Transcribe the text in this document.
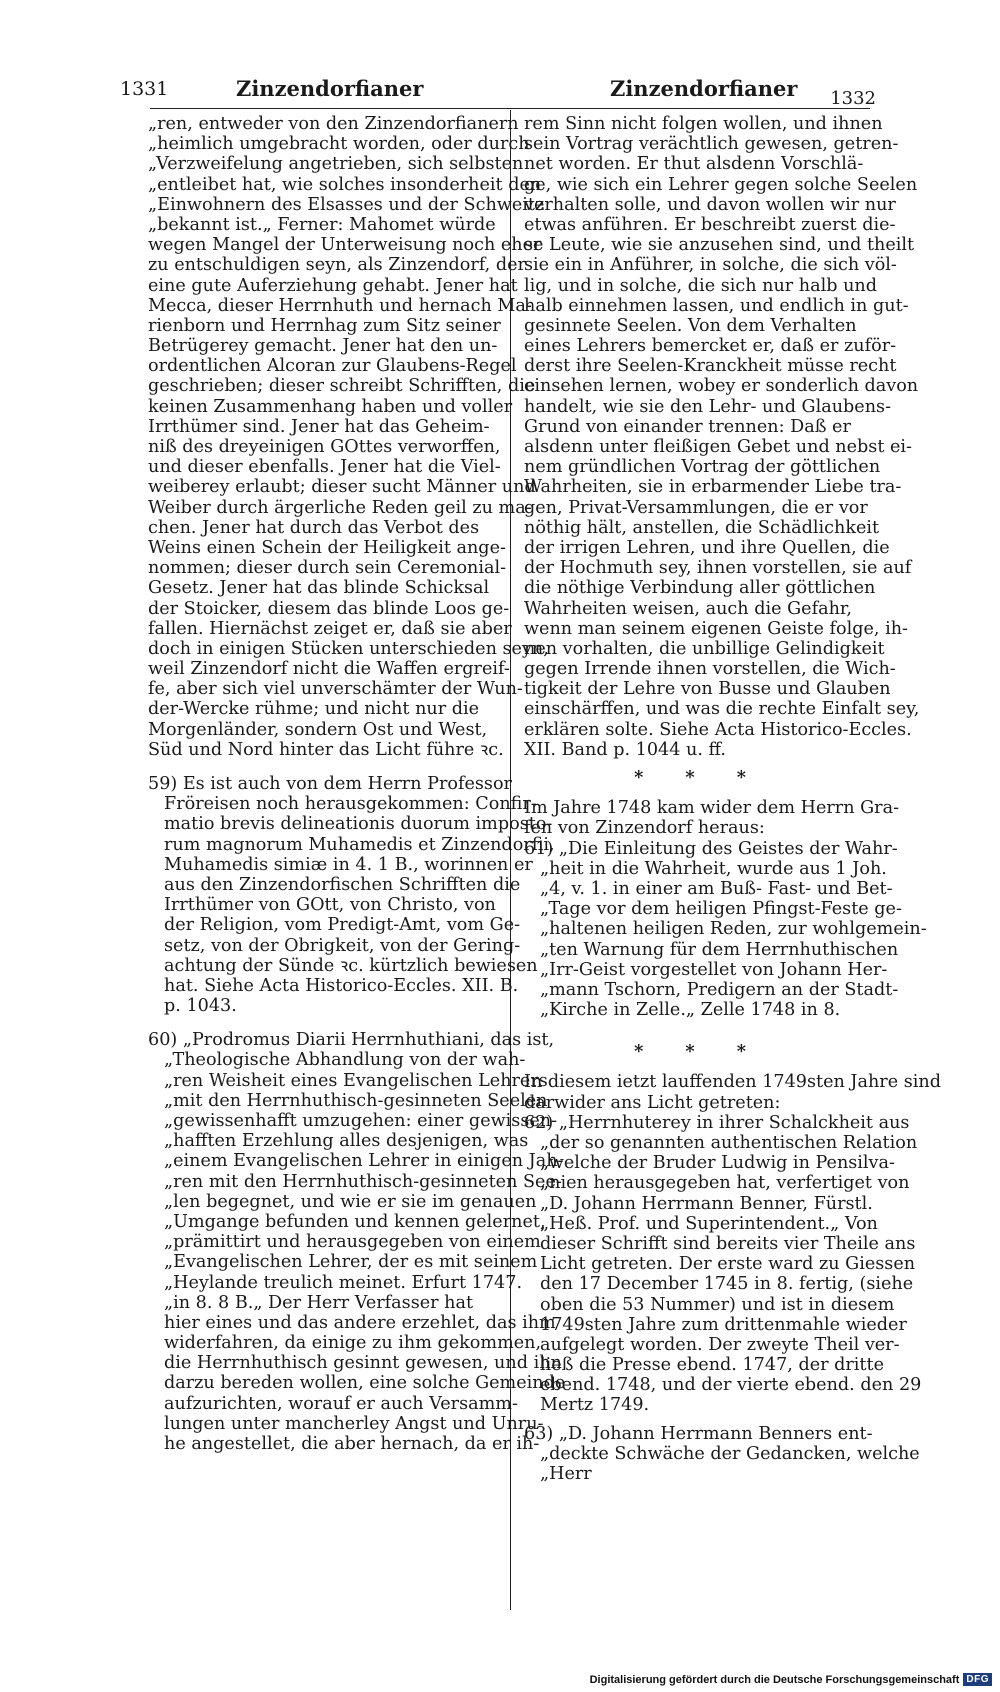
1331	Zinzendorfianer	Zinzendorfianer 1332
„ren, entweder von den Zinzendorfianern
„heimlich umgebracht worden, oder durch
„Verzweifelung angetrieben, sich selbsten
„entleibet hat, wie solches insonderheit den
„Einwohnern des Elsasses und der Schweitz
„bekannt ist.„ Ferner: Mahomet würde
wegen Mangel der Unterweisung noch eher
zu entschuldigen seyn, als Zinzendorf, der
eine gute Auferziehung gehabt. Jener hat
Mecca, dieser Herrnhuth und hernach Ma-
rienborn und Herrnhag zum Sitz seiner
Betrügerey gemacht. Jener hat den un-
ordentlichen Alcoran zur Glaubens-Regel
geschrieben; dieser schreibt Schrifften, die
keinen Zusammenhang haben und voller
Irrthümer sind. Jener hat das Geheim-
niß des dreyeinigen GOttes verworffen,
und dieser ebenfalls. Jener hat die Viel-
weiberey erlaubt; dieser sucht Männer und
Weiber durch ärgerliche Reden geil zu ma-
chen. Jener hat durch das Verbot des
Weins einen Schein der Heiligkeit ange-
nommen; dieser durch sein Ceremonial-
Gesetz. Jener hat das blinde Schicksal
der Stoicker, diesem das blinde Loos ge-
fallen. Hiernächst zeiget er, daß sie aber
doch in einigen Stücken unterschieden seyn,
weil Zinzendorf nicht die Waffen ergreif-
fe, aber sich viel unverschämter der Wun-
der-Wercke rühme; und nicht nur die
Morgenländer, sondern Ost und West,
Süd und Nord hinter das Licht führe ꝛc.
59) Es ist auch von dem Herrn Professor
Fröreisen noch herausgekommen: Confir-
matio brevis delineationis duorum imposto-
rum magnorum Muhamedis et Zinzendorfii,
Muhamedis simiæ in 4. 1 B., worinnen er
aus den Zinzendorfischen Schrifften die
Irrthümer von GOtt, von Christo, von
der Religion, vom Predigt-Amt, vom Ge-
setz, von der Obrigkeit, von der Gering-
achtung der Sünde ꝛc. kürtzlich bewiesen
hat. Siehe Acta Historico-Eccles. XII. B.
p. 1043.
60) „Prodromus Diarii Herrnhuthiani, das ist,
„Theologische Abhandlung von der wah-
„ren Weisheit eines Evangelischen Lehrers
„mit den Herrnhuthisch-gesinneten Seelen
„gewissenhafft umzugehen: einer gewissen-
„hafften Erzehlung alles desjenigen, was
„einem Evangelischen Lehrer in einigen Jah-
„ren mit den Herrnhuthisch-gesinneten See-
„len begegnet, und wie er sie im genauen
„Umgange befunden und kennen gelernet,
„prämittirt und herausgegeben von einem
„Evangelischen Lehrer, der es mit seinem
„Heylande treulich meinet. Erfurt 1747.
„in 8. 8 B.„ Der Herr Verfasser hat
hier eines und das andere erzehlet, das ihm
widerfahren, da einige zu ihm gekommen,
die Herrnhuthisch gesinnt gewesen, und ihn
darzu bereden wollen, eine solche Gemeinde
aufzurichten, worauf er auch Versamm-
lungen unter mancherley Angst und Unru-
he angestellet, die aber hernach, da er ih-
rem Sinn nicht folgen wollen, und ihnen
sein Vortrag verächtlich gewesen, getren-
net worden. Er thut alsdenn Vorschlä-
ge, wie sich ein Lehrer gegen solche Seelen
verhalten solle, und davon wollen wir nur
etwas anführen. Er beschreibt zuerst die-
se Leute, wie sie anzusehen sind, und theilt
sie ein in Anführer, in solche, die sich völ-
lig, und in solche, die sich nur halb und
halb einnehmen lassen, und endlich in gut-
gesinnete Seelen. Von dem Verhalten
eines Lehrers bemercket er, daß er zuför-
derst ihre Seelen-Kranckheit müsse recht
einsehen lernen, wobey er sonderlich davon
handelt, wie sie den Lehr- und Glaubens-
Grund von einander trennen: Daß er
alsdenn unter fleißigen Gebet und nebst ei-
nem gründlichen Vortrag der göttlichen
Wahrheiten, sie in erbarmender Liebe tra-
gen, Privat-Versammlungen, die er vor
nöthig hält, anstellen, die Schädlichkeit
der irrigen Lehren, und ihre Quellen, die
der Hochmuth sey, ihnen vorstellen, sie auf
die nöthige Verbindung aller göttlichen
Wahrheiten weisen, auch die Gefahr,
wenn man seinem eigenen Geiste folge, ih-
nen vorhalten, die unbillige Gelindigkeit
gegen Irrende ihnen vorstellen, die Wich-
tigkeit der Lehre von Busse und Glauben
einschärffen, und was die rechte Einfalt sey,
erklären solte. Siehe Acta Historico-Eccles.
XII. Band p. 1044 u. ff.
* * *
Im Jahre 1748 kam wider dem Herrn Gra-
fen von Zinzendorf heraus:
61) „Die Einleitung des Geistes der Wahr-
„heit in die Wahrheit, wurde aus 1 Joh.
„4, v. 1. in einer am Buß- Fast- und Bet-
„Tage vor dem heiligen Pfingst-Feste ge-
„haltenen heiligen Reden, zur wohlgemein-
„ten Warnung für dem Herrnhuthischen
„Irr-Geist vorgestellet von Johann Her-
„mann Tschorn, Predigern an der Stadt-
„Kirche in Zelle.„ Zelle 1748 in 8.
* * *
In diesem ietzt lauffenden 1749sten Jahre sind
darwider ans Licht getreten:
62) „Herrnhuterey in ihrer Schalckheit aus
„der so genannten authentischen Relation
„welche der Bruder Ludwig in Pensilva-
„nien herausgegeben hat, verfertiget von
„D. Johann Herrmann Benner, Fürstl.
„Heß. Prof. und Superintendent.„ Von
dieser Schrifft sind bereits vier Theile ans
Licht getreten. Der erste ward zu Giessen
den 17 December 1745 in 8. fertig, (siehe
oben die 53 Nummer) und ist in diesem
1749sten Jahre zum drittenmahle wieder
aufgelegt worden. Der zweyte Theil ver-
ließ die Presse ebend. 1747, der dritte
ebend. 1748, und der vierte ebend. den 29
Mertz 1749.
63) „D. Johann Herrmann Benners ent-
„deckte Schwäche der Gedancken, welche
„Herr
Digitalisierung gefördert durch die Deutsche Forschungsgemeinschaft DFG
